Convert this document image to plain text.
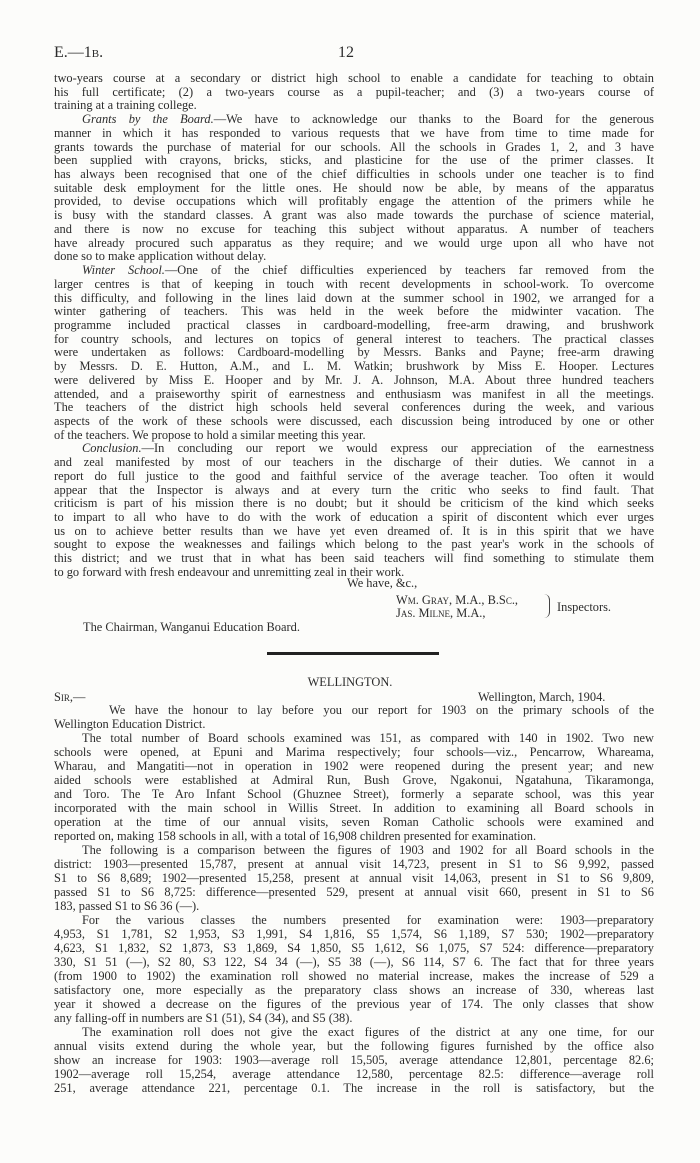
E.—1b.	12
two-years course at a secondary or district high school to enable a candidate for teaching to obtain
his full certificate; (2) a two-years course as a pupil-teacher; and (3) a two-years course of
training at a training college.
Grants by the Board.—We have to acknowledge our thanks to the Board for the generous
manner in which it has responded to various requests that we have from time to time made for
grants towards the purchase of material for our schools. All the schools in Grades 1, 2, and 3 have
been supplied with crayons, bricks, sticks, and plasticine for the use of the primer classes. It
has always been recognised that one of the chief difficulties in schools under one teacher is to find
suitable desk employment for the little ones. He should now be able, by means of the apparatus
provided, to devise occupations which will profitably engage the attention of the primers while he
is busy with the standard classes. A grant was also made towards the purchase of science material,
and there is now no excuse for teaching this subject without apparatus. A number of teachers
have already procured such apparatus as they require; and we would urge upon all who have not
done so to make application without delay.
Winter School.—One of the chief difficulties experienced by teachers far removed from the
larger centres is that of keeping in touch with recent developments in school-work. To overcome
this difficulty, and following in the lines laid down at the summer school in 1902, we arranged for a
winter gathering of teachers. This was held in the week before the midwinter vacation. The
programme included practical classes in cardboard-modelling, free-arm drawing, and brushwork
for country schools, and lectures on topics of general interest to teachers. The practical classes
were undertaken as follows: Cardboard-modelling by Messrs. Banks and Payne; free-arm drawing
by Messrs. D. E. Hutton, A.M., and L. M. Watkin; brushwork by Miss E. Hooper. Lectures
were delivered by Miss E. Hooper and by Mr. J. A. Johnson, M.A. About three hundred teachers
attended, and a praiseworthy spirit of earnestness and enthusiasm was manifest in all the meetings.
The teachers of the district high schools held several conferences during the week, and various
aspects of the work of these schools were discussed, each discussion being introduced by one or other
of the teachers. We propose to hold a similar meeting this year.
Conclusion.—In concluding our report we would express our appreciation of the earnestness
and zeal manifested by most of our teachers in the discharge of their duties. We cannot in a
report do full justice to the good and faithful service of the average teacher. Too often it would
appear that the Inspector is always and at every turn the critic who seeks to find fault. That
criticism is part of his mission there is no doubt; but it should be criticism of the kind which seeks
to impart to all who have to do with the work of education a spirit of discontent which ever urges
us on to achieve better results than we have yet even dreamed of. It is in this spirit that we have
sought to expose the weaknesses and failings which belong to the past year's work in the schools of
this district; and we trust that in what has been said teachers will find something to stimulate them
to go forward with fresh endeavour and unremitting zeal in their work.
We have, &c.,
Wm. Gray, M.A., B.Sc.,
Jas. Milne, M.A.,	Inspectors.
The Chairman, Wanganui Education Board.
WELLINGTON.
Sir,—	Wellington, March, 1904.
We have the honour to lay before you our report for 1903 on the primary schools of the
Wellington Education District.
The total number of Board schools examined was 151, as compared with 140 in 1902. Two new
schools were opened, at Epuni and Marima respectively; four schools—viz., Pencarrow, Whareama,
Wharau, and Mangatiti—not in operation in 1902 were reopened during the present year; and new
aided schools were established at Admiral Run, Bush Grove, Ngakonui, Ngatahuna, Tikaramonga,
and Toro. The Te Aro Infant School (Ghuznee Street), formerly a separate school, was this year
incorporated with the main school in Willis Street. In addition to examining all Board schools in
operation at the time of our annual visits, seven Roman Catholic schools were examined and
reported on, making 158 schools in all, with a total of 16,908 children presented for examination.
The following is a comparison between the figures of 1903 and 1902 for all Board schools in the
district: 1903—presented 15,787, present at annual visit 14,723, present in S1 to S6 9,992, passed
S1 to S6 8,689; 1902—presented 15,258, present at annual visit 14,063, present in S1 to S6 9,809,
passed S1 to S6 8,725: difference—presented 529, present at annual visit 660, present in S1 to S6
183, passed S1 to S6 36 (—).
For the various classes the numbers presented for examination were: 1903—preparatory
4,953, S1 1,781, S2 1,953, S3 1,991, S4 1,816, S5 1,574, S6 1,189, S7 530; 1902—preparatory
4,623, S1 1,832, S2 1,873, S3 1,869, S4 1,850, S5 1,612, S6 1,075, S7 524: difference—preparatory
330, S1 51 (—), S2 80, S3 122, S4 34 (—), S5 38 (—), S6 114, S7 6. The fact that for three years
(from 1900 to 1902) the examination roll showed no material increase, makes the increase of 529 a
satisfactory one, more especially as the preparatory class shows an increase of 330, whereas last
year it showed a decrease on the figures of the previous year of 174. The only classes that show
any falling-off in numbers are S1 (51), S4 (34), and S5 (38).
The examination roll does not give the exact figures of the district at any one time, for our
annual visits extend during the whole year, but the following figures furnished by the office also
show an increase for 1903: 1903—average roll 15,505, average attendance 12,801, percentage 82.6;
1902—average roll 15,254, average attendance 12,580, percentage 82.5: difference—average roll
251, average attendance 221, percentage 0.1. The increase in the roll is satisfactory, but the
